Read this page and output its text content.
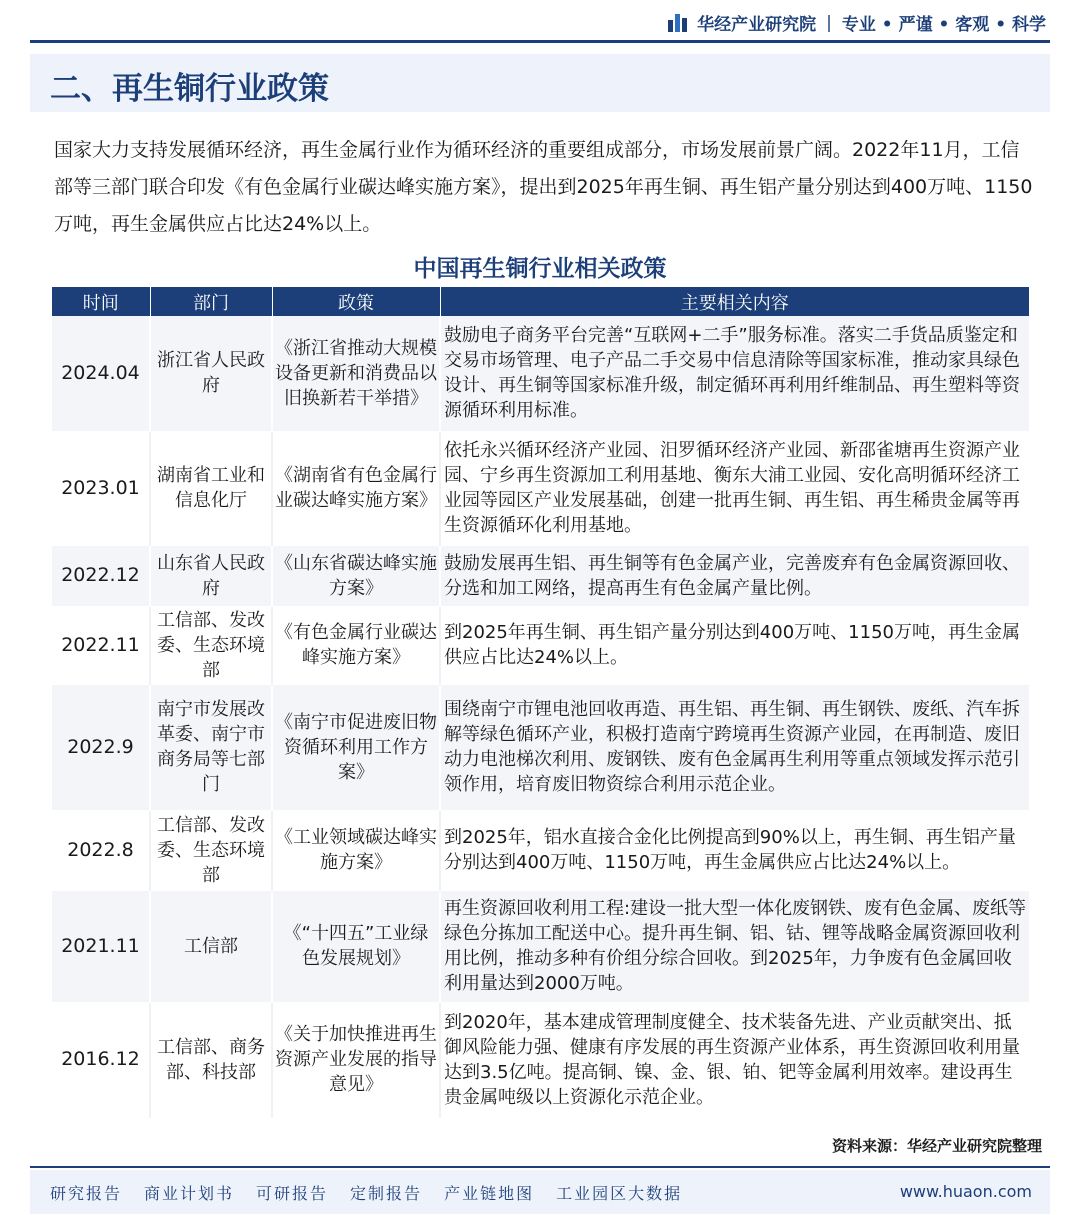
华经产业研究院 | 专业 • 严谨 • 客观 • 科学
二、再生铜行业政策

国家大力支持发展循环经济，再生金属行业作为循环经济的重要组成部分，市场发展前景广阔。2022年11月，工信部等三部门联合印发《有色金属行业碳达峰实施方案》，提出到2025年再生铜、再生铝产量分别达到400万吨、1150万吨，再生金属供应占比达24%以上。

中国再生铜行业相关政策
时间	部门	政策	主要相关内容
2024.04	浙江省人民政府	《浙江省推动大规模设备更新和消费品以旧换新若干举措》	鼓励电子商务平台完善“互联网+二手”服务标准。落实二手货品质鉴定和交易市场管理、电子产品二手交易中信息清除等国家标准，推动家具绿色设计、再生铜等国家标准升级，制定循环再利用纤维制品、再生塑料等资源循环利用标准。
2023.01	湖南省工业和信息化厅	《湖南省有色金属行业碳达峰实施方案》	依托永兴循环经济产业园、汨罗循环经济产业园、新邵雀塘再生资源产业园、宁乡再生资源加工利用基地、衡东大浦工业园、安化高明循环经济工业园等园区产业发展基础，创建一批再生铜、再生铝、再生稀贵金属等再生资源循环化利用基地。
2022.12	山东省人民政府	《山东省碳达峰实施方案》	鼓励发展再生铝、再生铜等有色金属产业，完善废弃有色金属资源回收、分选和加工网络，提高再生有色金属产量比例。
2022.11	工信部、发改委、生态环境部	《有色金属行业碳达峰实施方案》	到2025年再生铜、再生铝产量分别达到400万吨、1150万吨，再生金属供应占比达24%以上。
2022.9	南宁市发展改革委、南宁市商务局等七部门	《南宁市促进废旧物资循环利用工作方案》	围绕南宁市锂电池回收再造、再生铝、再生铜、再生钢铁、废纸、汽车拆解等绿色循环产业，积极打造南宁跨境再生资源产业园，在再制造、废旧动力电池梯次利用、废钢铁、废有色金属再生利用等重点领域发挥示范引领作用，培育废旧物资综合利用示范企业。
2022.8	工信部、发改委、生态环境部	《工业领域碳达峰实施方案》	到2025年，铝水直接合金化比例提高到90%以上，再生铜、再生铝产量分别达到400万吨、1150万吨，再生金属供应占比达24%以上。
2021.11	工信部	《“十四五”工业绿色发展规划》	再生资源回收利用工程:建设一批大型一体化废钢铁、废有色金属、废纸等绿色分拣加工配送中心。提升再生铜、铝、钴、锂等战略金属资源回收利用比例，推动多种有价组分综合回收。到2025年，力争废有色金属回收利用量达到2000万吨。
2016.12	工信部、商务部、科技部	《关于加快推进再生资源产业发展的指导意见》	到2020年，基本建成管理制度健全、技术装备先进、产业贡献突出、抵御风险能力强、健康有序发展的再生资源产业体系，再生资源回收利用量达到3.5亿吨。提高铜、镍、金、银、铂、钯等金属利用效率。建设再生贵金属吨级以上资源化示范企业。
资料来源：华经产业研究院整理
研究报告 商业计划书 可研报告 定制报告 产业链地图 工业园区大数据	www.huaon.com
